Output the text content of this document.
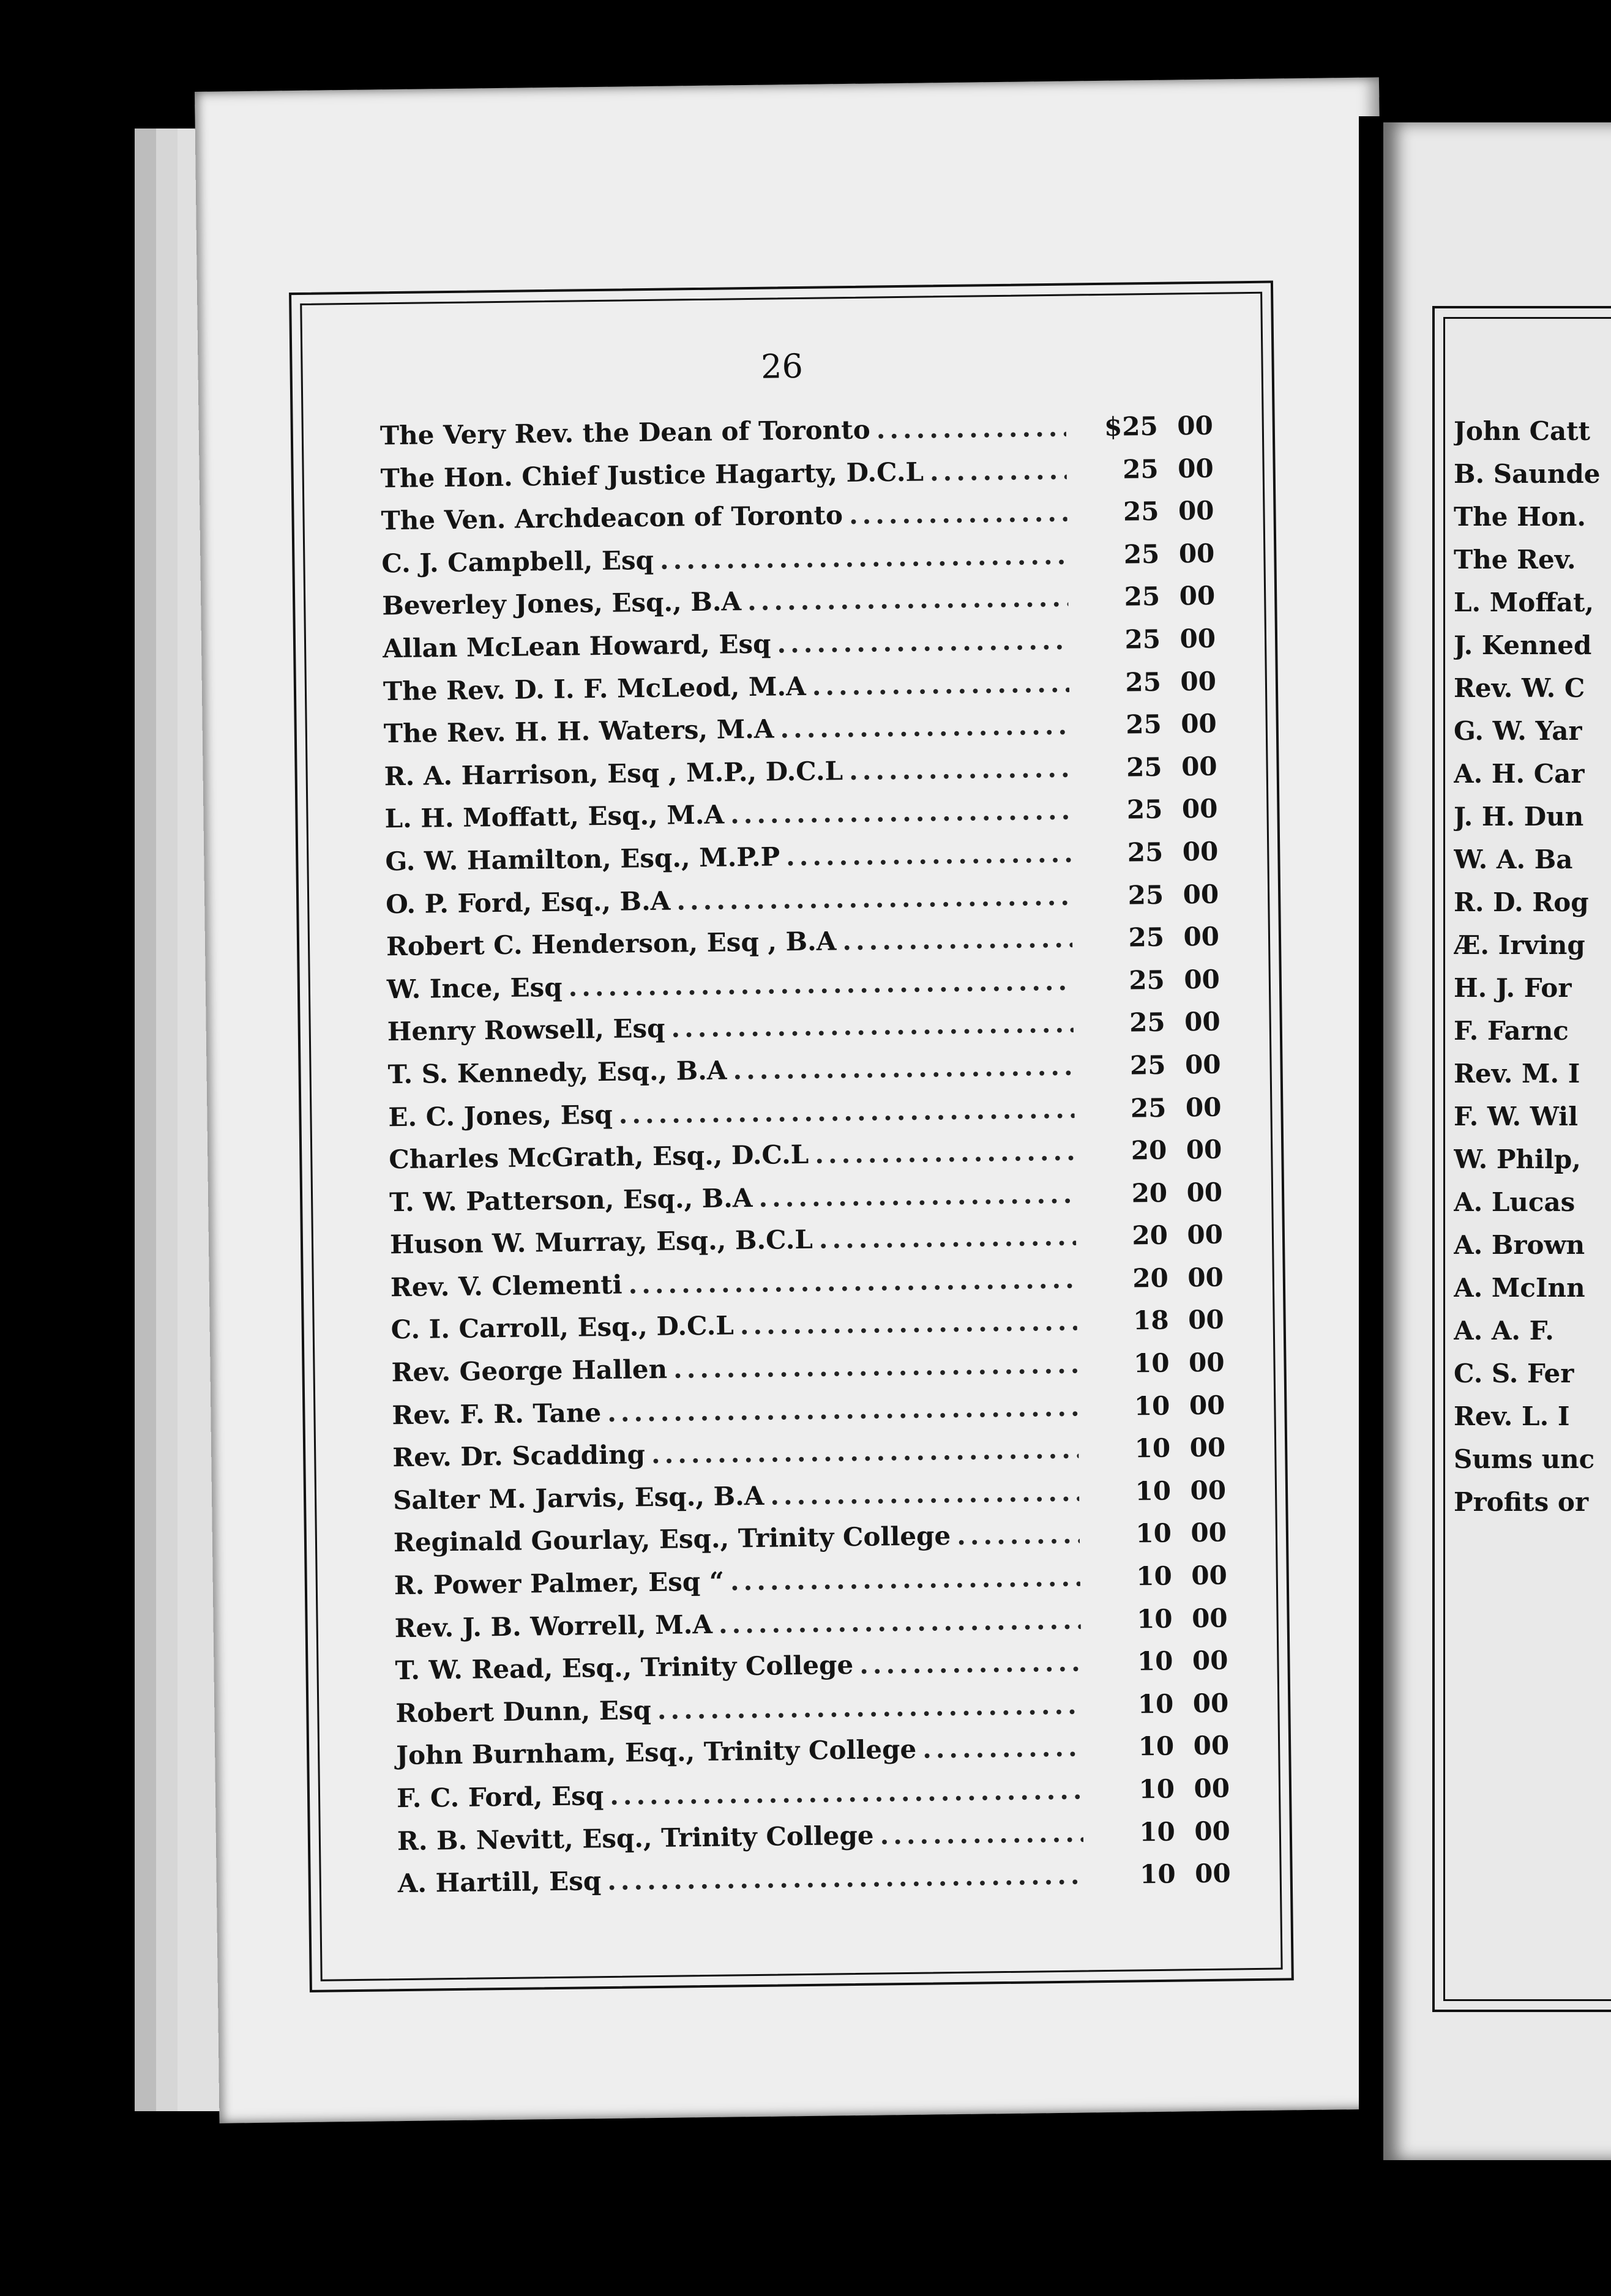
26
The Very Rev. the Dean of Toronto .....	$25 00
The Hon. Chief Justice Hagarty, D.C.L .....	25 00
The Ven. Archdeacon of Toronto .....	25 00
C. J. Campbell, Esq .....	25 00
Beverley Jones, Esq., B.A .....	25 00
Allan McLean Howard, Esq .....	25 00
The Rev. D. I. F. McLeod, M.A .....	25 00
The Rev. H. H. Waters, M.A .....	25 00
R. A. Harrison, Esq , M.P., D.C.L .....	25 00
L. H. Moffatt, Esq., M.A .....	25 00
G. W. Hamilton, Esq., M.P.P .....	25 00
O. P. Ford, Esq., B.A .....	25 00
Robert C. Henderson, Esq , B.A .....	25 00
W. Ince, Esq .....	25 00
Henry Rowsell, Esq .....	25 00
T. S. Kennedy, Esq., B.A .....	25 00
E. C. Jones, Esq .....	25 00
Charles McGrath, Esq., D.C.L .....	20 00
T. W. Patterson, Esq., B.A .....	20 00
Huson W. Murray, Esq., B.C.L .....	20 00
Rev. V. Clementi .....	20 00
C. I. Carroll, Esq., D.C.L .....	18 00
Rev. George Hallen .....	10 00
Rev. F. R. Tane .....	10 00
Rev. Dr. Scadding .....	10 00
Salter M. Jarvis, Esq., B.A .....	10 00
Reginald Gourlay, Esq., Trinity College .....	10 00
R. Power Palmer, Esq “ .....	10 00
Rev. J. B. Worrell, M.A .....	10 00
T. W. Read, Esq., Trinity College .....	10 00
Robert Dunn, Esq .....	10 00
John Burnham, Esq., Trinity College .....	10 00
F. C. Ford, Esq .....	10 00
R. B. Nevitt, Esq., Trinity College .....	10 00
A. Hartill, Esq .....	10 00
John Catt
B. Saunde
The Hon.
The Rev.
L. Moffat,
J. Kenned
Rev. W. C
G. W. Yar
A. H. Car
J. H. Dun
W. A. Ba
R. D. Rog
Æ. Irving
H. J. For
F. Farnc
Rev. M. I
F. W. Wil
W. Philp,
A. Lucas
A. Brown
A. McInn
A. A. F.
C. S. Fer
Rev. L. I
Sums unc
Profits or
